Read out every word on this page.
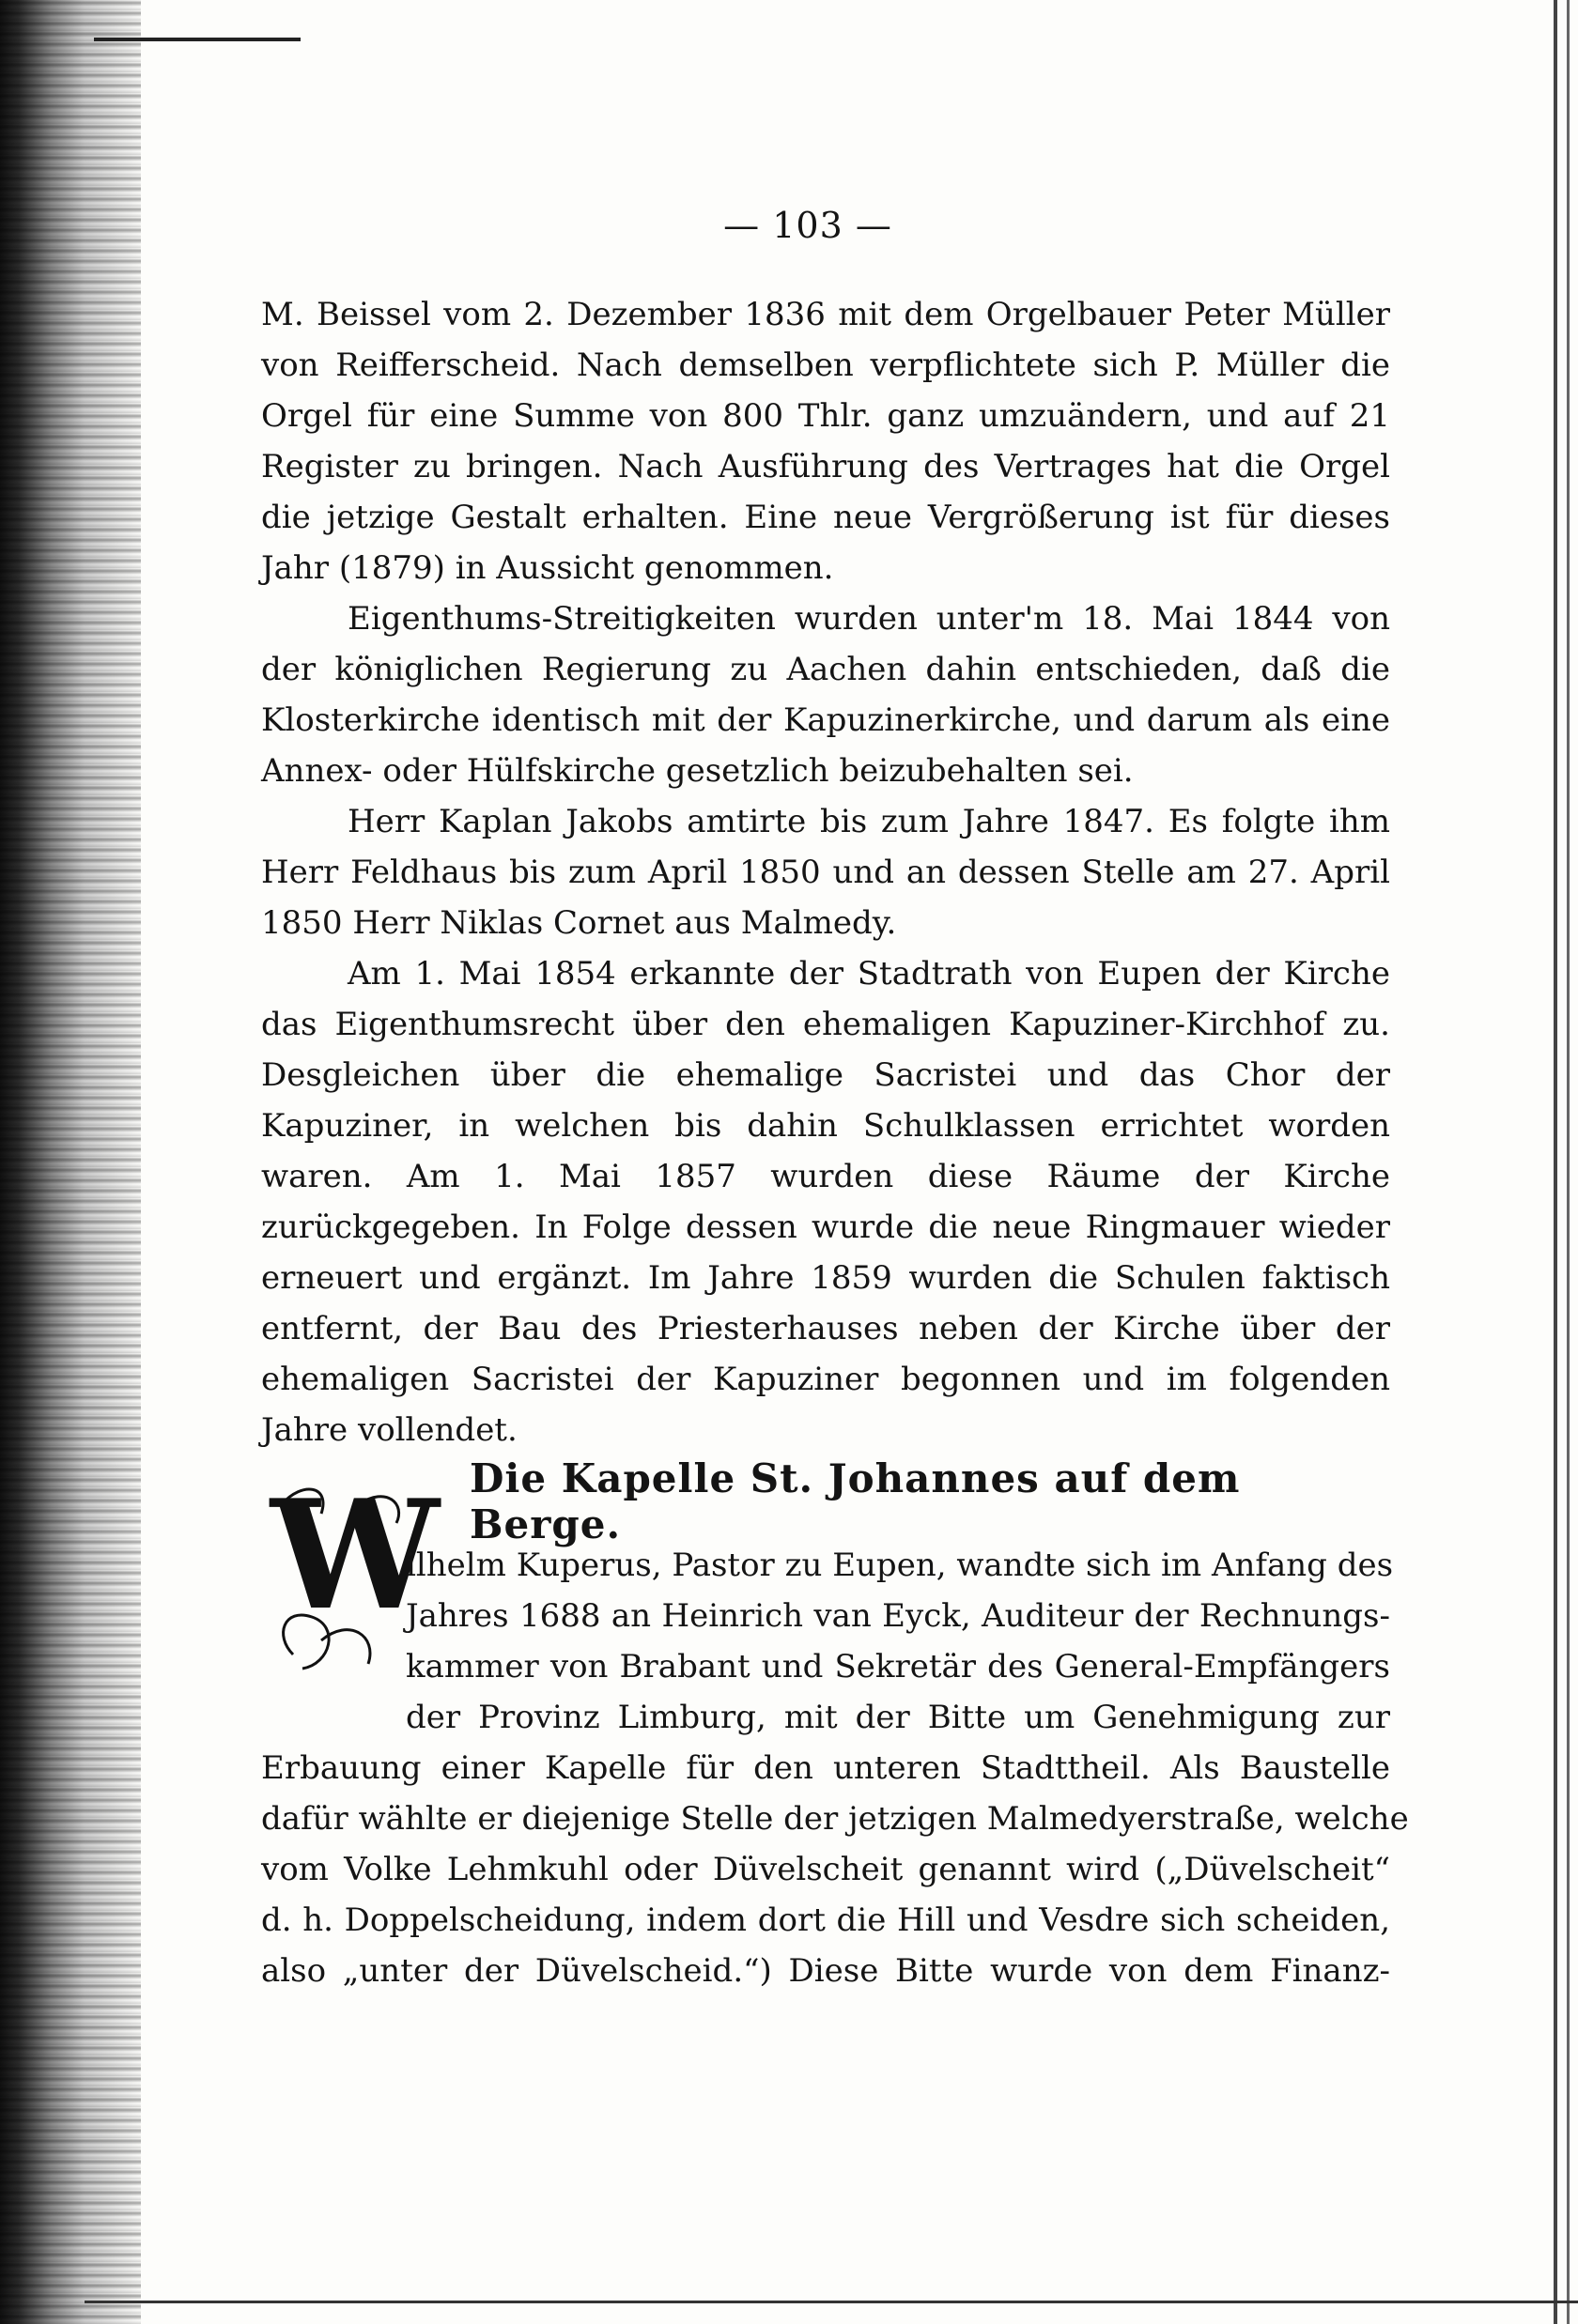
— 103 —

M. Beissel vom 2. Dezember 1836 mit dem Orgelbauer Peter Müller von Reifferscheid. Nach demselben verpflichtete sich P. Müller die Orgel für eine Summe von 800 Thlr. ganz umzuändern, und auf 21 Register zu bringen. Nach Ausführung des Vertrages hat die Orgel die jetzige Gestalt erhalten. Eine neue Vergrößerung ist für dieses Jahr (1879) in Aussicht genommen.

Eigenthums-Streitigkeiten wurden unter'm 18. Mai 1844 von der königlichen Regierung zu Aachen dahin entschieden, daß die Klosterkirche identisch mit der Kapuzinerkirche, und darum als eine Annex- oder Hülfskirche gesetzlich beizubehalten sei.

Herr Kaplan Jakobs amtirte bis zum Jahre 1847. Es folgte ihm Herr Feldhaus bis zum April 1850 und an dessen Stelle am 27. April 1850 Herr Niklas Cornet aus Malmedy.

Am 1. Mai 1854 erkannte der Stadtrath von Eupen der Kirche das Eigenthumsrecht über den ehemaligen Kapuziner-Kirchhof zu. Desgleichen über die ehemalige Sacristei und das Chor der Kapuziner, in welchen bis dahin Schulklassen errichtet worden waren. Am 1. Mai 1857 wurden diese Räume der Kirche zurückgegeben. In Folge dessen wurde die neue Ringmauer wieder erneuert und ergänzt. Im Jahre 1859 wurden die Schulen faktisch entfernt, der Bau des Priesterhauses neben der Kirche über der ehemaligen Sacristei der Kapuziner begonnen und im folgenden Jahre vollendet.

Die Kapelle St. Johannes auf dem Berge.
W
ilhelm Kuperus, Pastor zu Eupen, wandte sich im Anfang des
Jahres 1688 an Heinrich van Eyck, Auditeur der Rechnungs-
kammer von Brabant und Sekretär des General-Empfängers
der Provinz Limburg, mit der Bitte um Genehmigung zur
Erbauung einer Kapelle für den unteren Stadttheil. Als Baustelle
dafür wählte er diejenige Stelle der jetzigen Malmedyerstraße, welche
vom Volke Lehmkuhl oder Düvelscheit genannt wird („Düvelscheit“
d. h. Doppelscheidung, indem dort die Hill und Vesdre sich scheiden,
also „unter der Düvelscheid.“) Diese Bitte wurde von dem Finanz-
